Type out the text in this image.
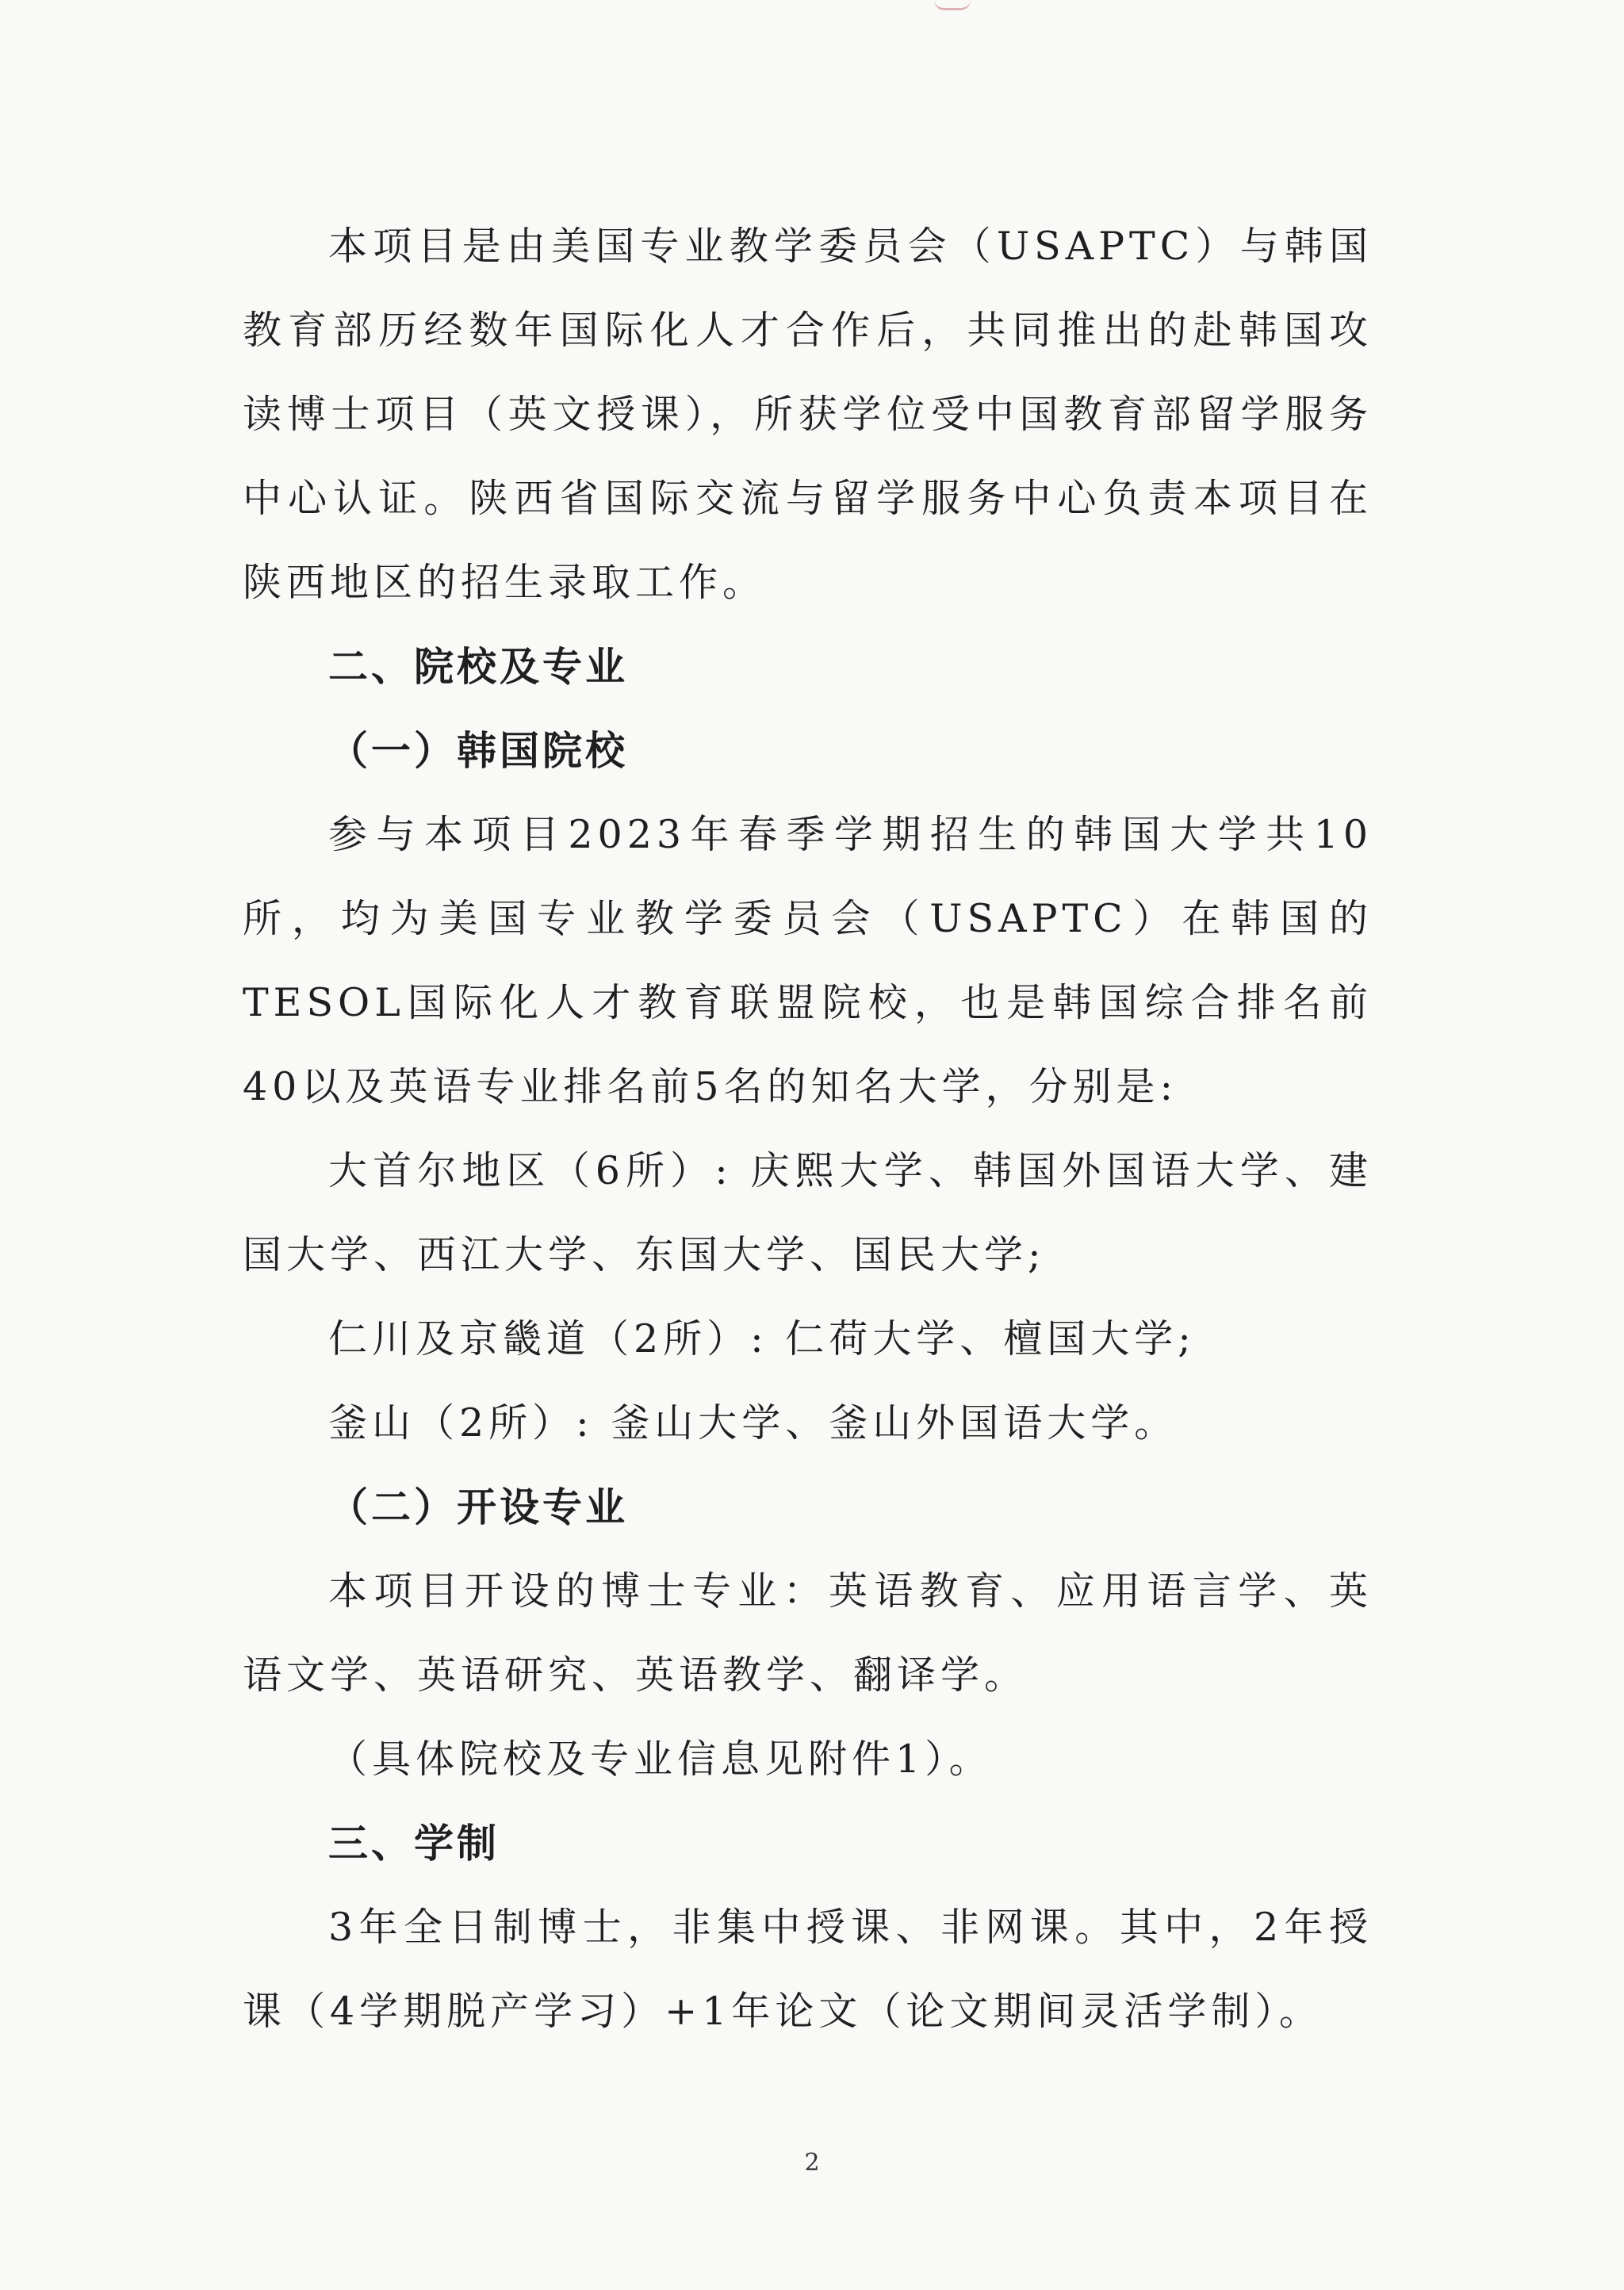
本项目是由美国专业教学委员会（USAPTC）与韩国教育部历经数年国际化人才合作后，共同推出的赴韩国攻读博士项目（英文授课），所获学位受中国教育部留学服务中心认证。陕西省国际交流与留学服务中心负责本项目在陕西地区的招生录取工作。

二、院校及专业

（一）韩国院校

参与本项目2023年春季学期招生的韩国大学共10所，均为美国专业教学委员会（USAPTC）在韩国的TESOL国际化人才教育联盟院校，也是韩国综合排名前40以及英语专业排名前5名的知名大学，分别是:

大首尔地区（6所）: 庆熙大学、韩国外国语大学、建国大学、西江大学、东国大学、国民大学;

仁川及京畿道（2所）: 仁荷大学、檀国大学;

釜山（2所）: 釜山大学、釜山外国语大学。

（二）开设专业

本项目开设的博士专业：英语教育、应用语言学、英语文学、英语研究、英语教学、翻译学。

（具体院校及专业信息见附件1）。

三、学制

3年全日制博士，非集中授课、非网课。其中，2年授课（4学期脱产学习）+1年论文（论文期间灵活学制）。

2
